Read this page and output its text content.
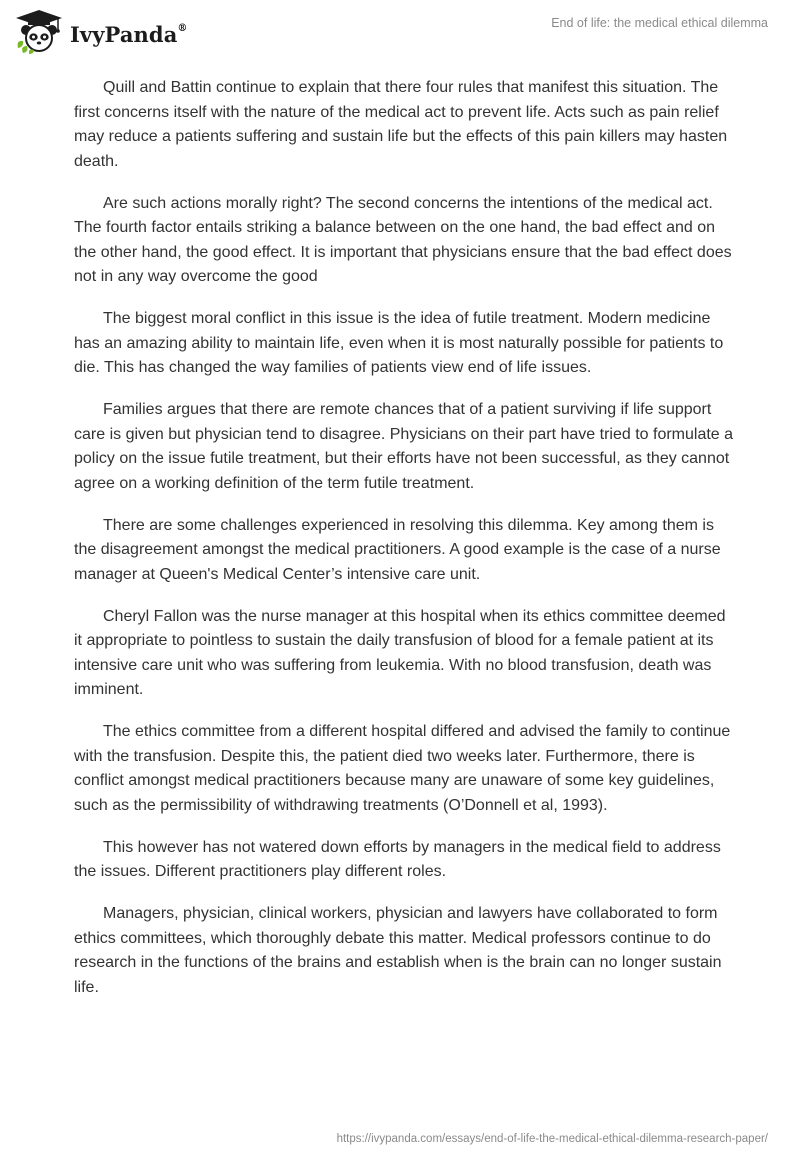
IvyPanda®	End of life: the medical ethical dilemma

Quill and Battin continue to explain that there four rules that manifest this situation. The first concerns itself with the nature of the medical act to prevent life. Acts such as pain relief may reduce a patients suffering and sustain life but the effects of this pain killers may hasten death.

Are such actions morally right? The second concerns the intentions of the medical act. The fourth factor entails striking a balance between on the one hand, the bad effect and on the other hand, the good effect. It is important that physicians ensure that the bad effect does not in any way overcome the good

The biggest moral conflict in this issue is the idea of futile treatment. Modern medicine has an amazing ability to maintain life, even when it is most naturally possible for patients to die. This has changed the way families of patients view end of life issues.

Families argues that there are remote chances that of a patient surviving if life support care is given but physician tend to disagree. Physicians on their part have tried to formulate a policy on the issue futile treatment, but their efforts have not been successful, as they cannot agree on a working definition of the term futile treatment.

There are some challenges experienced in resolving this dilemma. Key among them is the disagreement amongst the medical practitioners. A good example is the case of a nurse manager at Queen's Medical Center’s intensive care unit.

Cheryl Fallon was the nurse manager at this hospital when its ethics committee deemed it appropriate to pointless to sustain the daily transfusion of blood for a female patient at its intensive care unit who was suffering from leukemia. With no blood transfusion, death was imminent.

The ethics committee from a different hospital differed and advised the family to continue with the transfusion. Despite this, the patient died two weeks later. Furthermore, there is conflict amongst medical practitioners because many are unaware of some key guidelines, such as the permissibility of withdrawing treatments (O’Donnell et al, 1993).

This however has not watered down efforts by managers in the medical field to address the issues. Different practitioners play different roles.

Managers, physician, clinical workers, physician and lawyers have collaborated to form ethics committees, which thoroughly debate this matter. Medical professors continue to do research in the functions of the brains and establish when is the brain can no longer sustain life.

https://ivypanda.com/essays/end-of-life-the-medical-ethical-dilemma-research-paper/
